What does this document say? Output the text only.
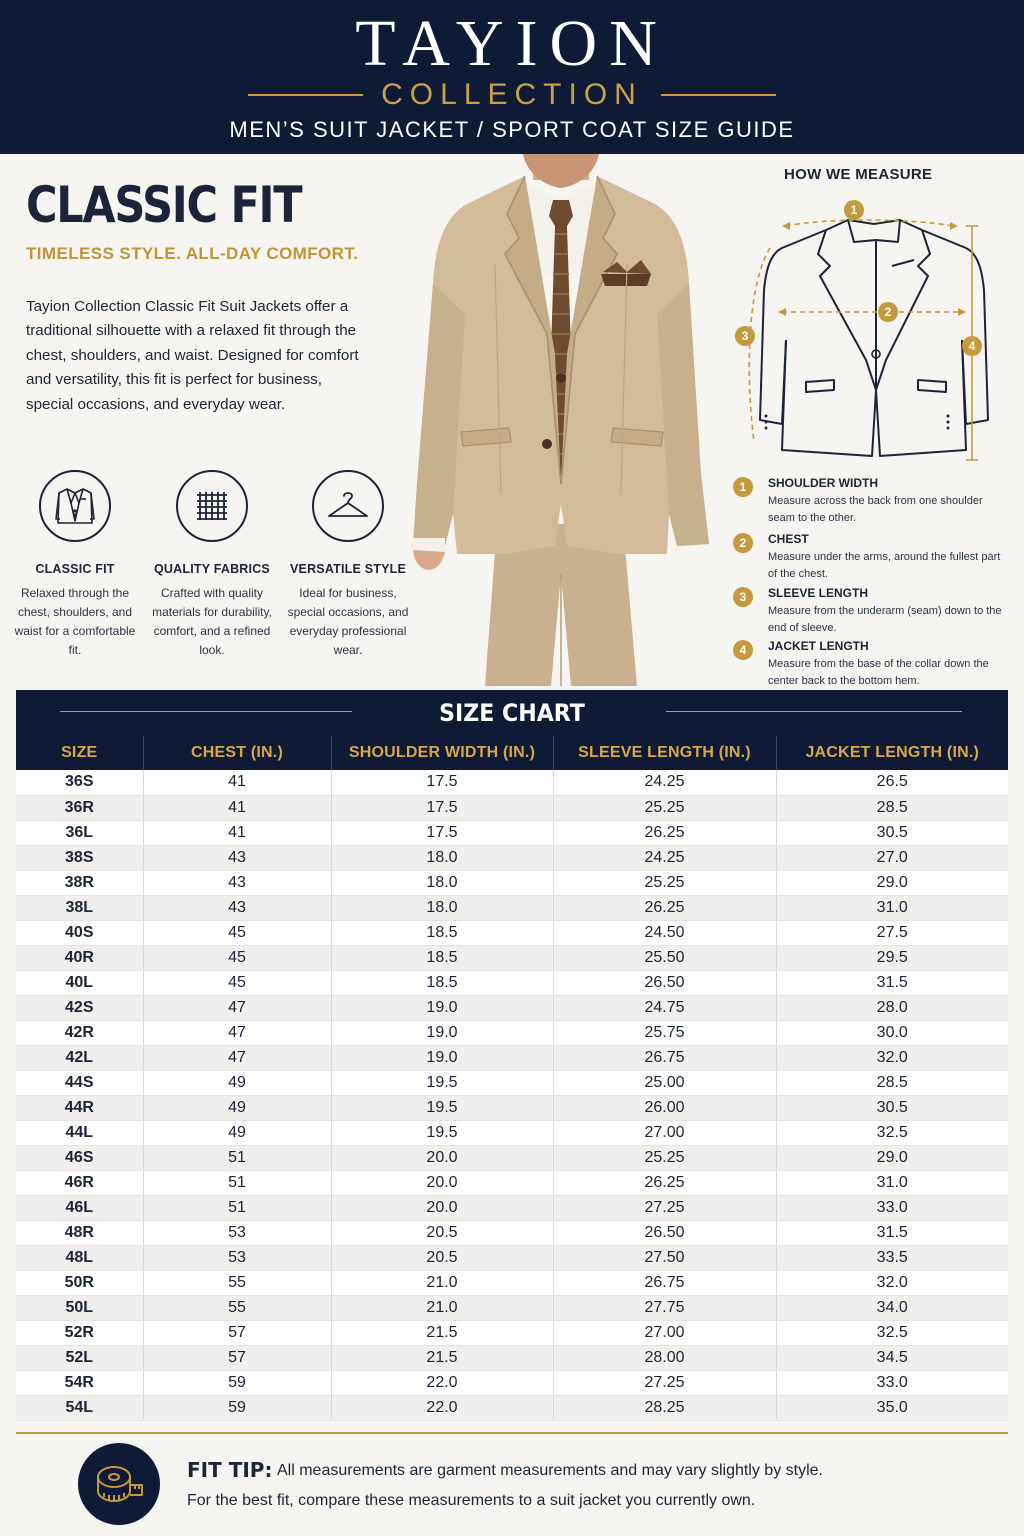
TAYION
COLLECTION
MEN’S SUIT JACKET / SPORT COAT SIZE GUIDE
CLASSIC FIT
TIMELESS STYLE. ALL-DAY COMFORT.
Tayion Collection Classic Fit Suit Jackets offer a traditional silhouette with a relaxed fit through the chest, shoulders, and waist. Designed for comfort and versatility, this fit is perfect for business, special occasions, and everyday wear.
CLASSIC FIT
Relaxed through the chest, shoulders, and waist for a comfortable fit.
QUALITY FABRICS
Crafted with quality materials for durability, comfort, and a refined look.
VERSATILE STYLE
Ideal for business, special occasions, and everyday professional wear.
HOW WE MEASURE
1
2
3
4
1	SHOULDER WIDTH
Measure across the back from one shoulder seam to the other.
2	CHEST
Measure under the arms, around the fullest part of the chest.
3	SLEEVE LENGTH
Measure from the underarm (seam) down to the end of sleeve.
4	JACKET LENGTH
Measure from the base of the collar down the center back to the bottom hem.
SIZE CHART
SIZE	CHEST (IN.)	SHOULDER WIDTH (IN.)	SLEEVE LENGTH (IN.)	JACKET LENGTH (IN.)
36S	41	17.5	24.25	26.5
36R	41	17.5	25.25	28.5
36L	41	17.5	26.25	30.5
38S	43	18.0	24.25	27.0
38R	43	18.0	25.25	29.0
38L	43	18.0	26.25	31.0
40S	45	18.5	24.50	27.5
40R	45	18.5	25.50	29.5
40L	45	18.5	26.50	31.5
42S	47	19.0	24.75	28.0
42R	47	19.0	25.75	30.0
42L	47	19.0	26.75	32.0
44S	49	19.5	25.00	28.5
44R	49	19.5	26.00	30.5
44L	49	19.5	27.00	32.5
46S	51	20.0	25.25	29.0
46R	51	20.0	26.25	31.0
46L	51	20.0	27.25	33.0
48R	53	20.5	26.50	31.5
48L	53	20.5	27.50	33.5
50R	55	21.0	26.75	32.0
50L	55	21.0	27.75	34.0
52R	57	21.5	27.00	32.5
52L	57	21.5	28.00	34.5
54R	59	22.0	27.25	33.0
54L	59	22.0	28.25	35.0
FIT TIP: All measurements are garment measurements and may vary slightly by style.
For the best fit, compare these measurements to a suit jacket you currently own.
